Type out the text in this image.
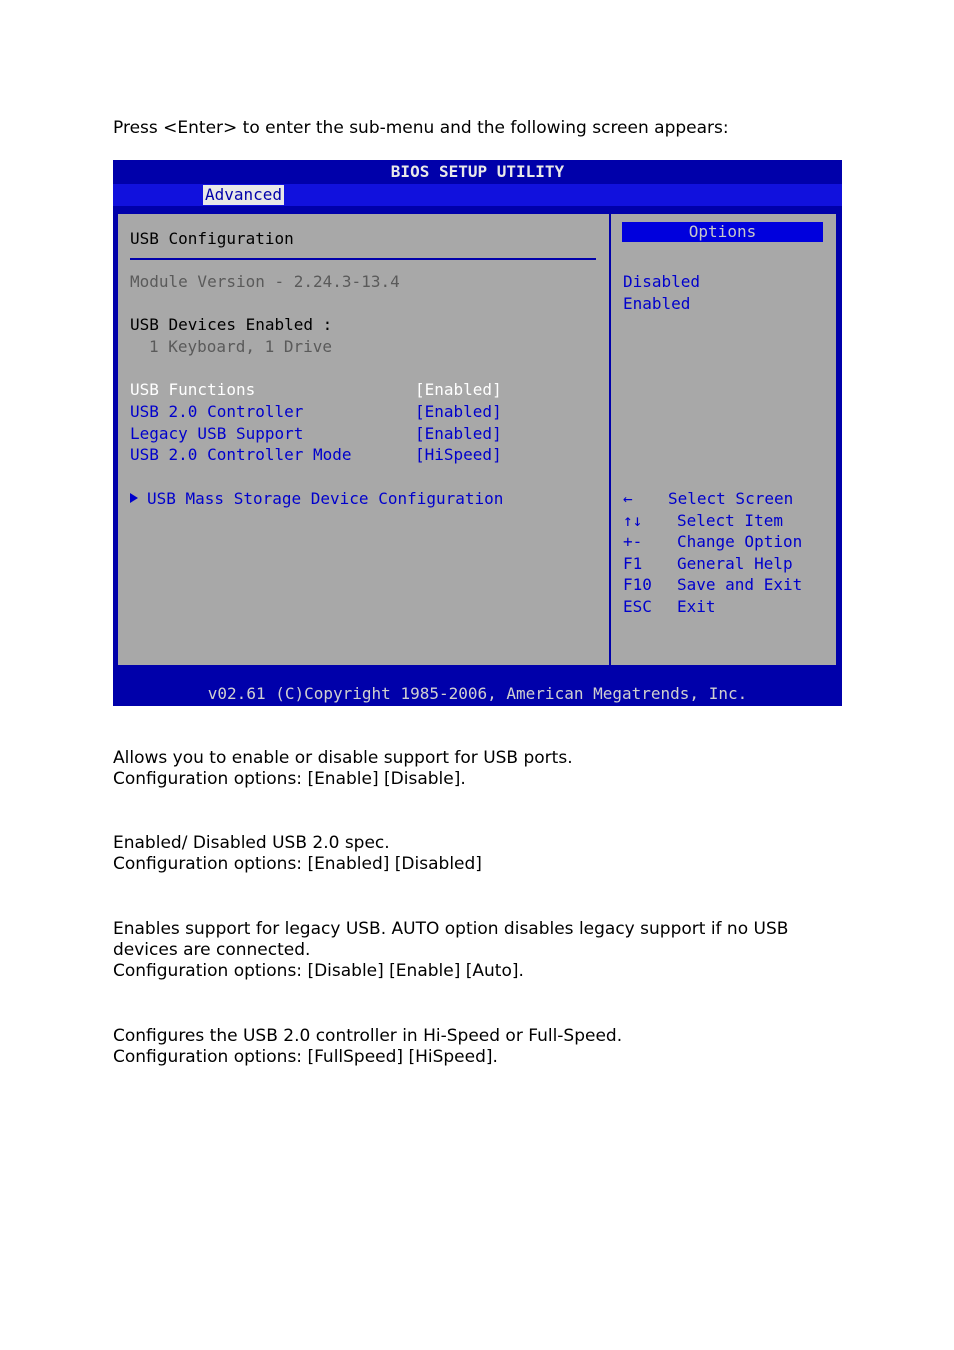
Press <Enter> to enter the sub-menu and the following screen appears:

BIOS SETUP UTILITY
Advanced
USB Configuration
Module Version - 2.24.3-13.4
USB Devices Enabled :
1 Keyboard, 1 Drive
USB Functions	[Enabled]
USB 2.0 Controller	[Enabled]
Legacy USB Support	[Enabled]
USB 2.0 Controller Mode	[HiSpeed]
USB Mass Storage Device Configuration
Options
Disabled
Enabled
← Select Screen
↑↓ Select Item
+- Change Option
F1 General Help
F10 Save and Exit
ESC Exit
v02.61 (C)Copyright 1985-2006, American Megatrends, Inc.

Allows you to enable or disable support for USB ports.

Configuration options: [Enable] [Disable].

Enabled/ Disabled USB 2.0 spec.

Configuration options: [Enabled] [Disabled]

Enables support for legacy USB. AUTO option disables legacy support if no USB devices are connected.

Configuration options: [Disable] [Enable] [Auto].

Configures the USB 2.0 controller in Hi-Speed or Full-Speed.

Configuration options: [FullSpeed] [HiSpeed].
